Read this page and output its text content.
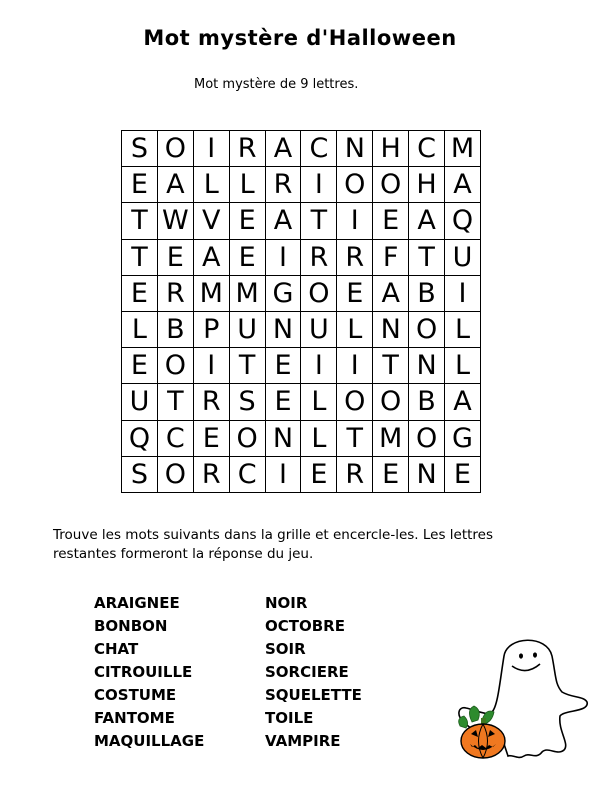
Mot mystère d'Halloween
Mot mystère de 9 lettres.
S O I R A C N H C M
E A L L R I O O H A
T W V E A T I E A Q
T E A E I R R F T U
E R M M G O E A B I
L B P U N U L N O L
E O I T E I	I T N L
U T R S E L O O B A
Q C E O N L T M O G
S O R C I E R E N E
Trouve les mots suivants dans la grille et encercle-les. Les lettres restantes formeront la réponse du jeu.
ARAIGNEE
BONBON
CHAT
CITROUILLE
COSTUME
FANTOME
MAQUILLAGE
NOIR
OCTOBRE
SOIR
SORCIERE
SQUELETTE
TOILE
VAMPIRE
